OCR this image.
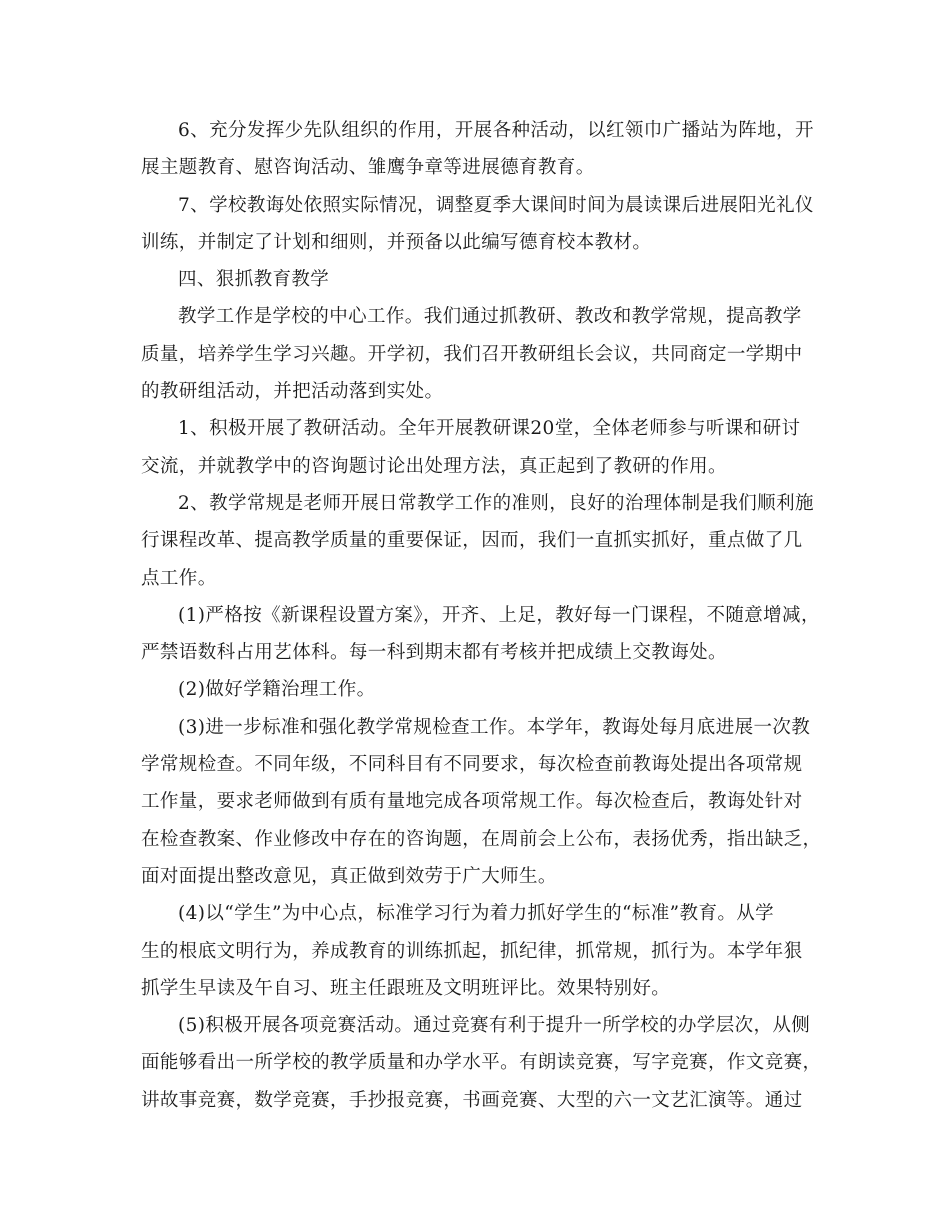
6、充分发挥少先队组织的作用，开展各种活动，以红领巾广播站为阵地，开
展主题教育、慰咨询活动、雏鹰争章等进展德育教育。
7、学校教诲处依照实际情况，调整夏季大课间时间为晨读课后进展阳光礼仪
训练，并制定了计划和细则，并预备以此编写德育校本教材。
四、狠抓教育教学
教学工作是学校的中心工作。我们通过抓教研、教改和教学常规，提高教学
质量，培养学生学习兴趣。开学初，我们召开教研组长会议，共同商定一学期中
的教研组活动，并把活动落到实处。
1、积极开展了教研活动。全年开展教研课20堂，全体老师参与听课和研讨
交流，并就教学中的咨询题讨论出处理方法，真正起到了教研的作用。
2、教学常规是老师开展日常教学工作的准则，良好的治理体制是我们顺利施
行课程改革、提高教学质量的重要保证，因而，我们一直抓实抓好，重点做了几
点工作。
(1)严格按《新课程设置方案》，开齐、上足，教好每一门课程，不随意增减，
严禁语数科占用艺体科。每一科到期末都有考核并把成绩上交教诲处。
(2)做好学籍治理工作。
(3)进一步标准和强化教学常规检查工作。本学年，教诲处每月底进展一次教
学常规检查。不同年级，不同科目有不同要求，每次检查前教诲处提出各项常规
工作量，要求老师做到有质有量地完成各项常规工作。每次检查后，教诲处针对
在检查教案、作业修改中存在的咨询题，在周前会上公布，表扬优秀，指出缺乏，
面对面提出整改意见，真正做到效劳于广大师生。
(4)以“学生”为中心点，标准学习行为着力抓好学生的“标准”教育。从学
生的根底文明行为，养成教育的训练抓起，抓纪律，抓常规，抓行为。本学年狠
抓学生早读及午自习、班主任跟班及文明班评比。效果特别好。
(5)积极开展各项竞赛活动。通过竞赛有利于提升一所学校的办学层次，从侧
面能够看出一所学校的教学质量和办学水平。有朗读竞赛，写字竞赛，作文竞赛，
讲故事竞赛，数学竞赛，手抄报竞赛，书画竞赛、大型的六一文艺汇演等。通过
